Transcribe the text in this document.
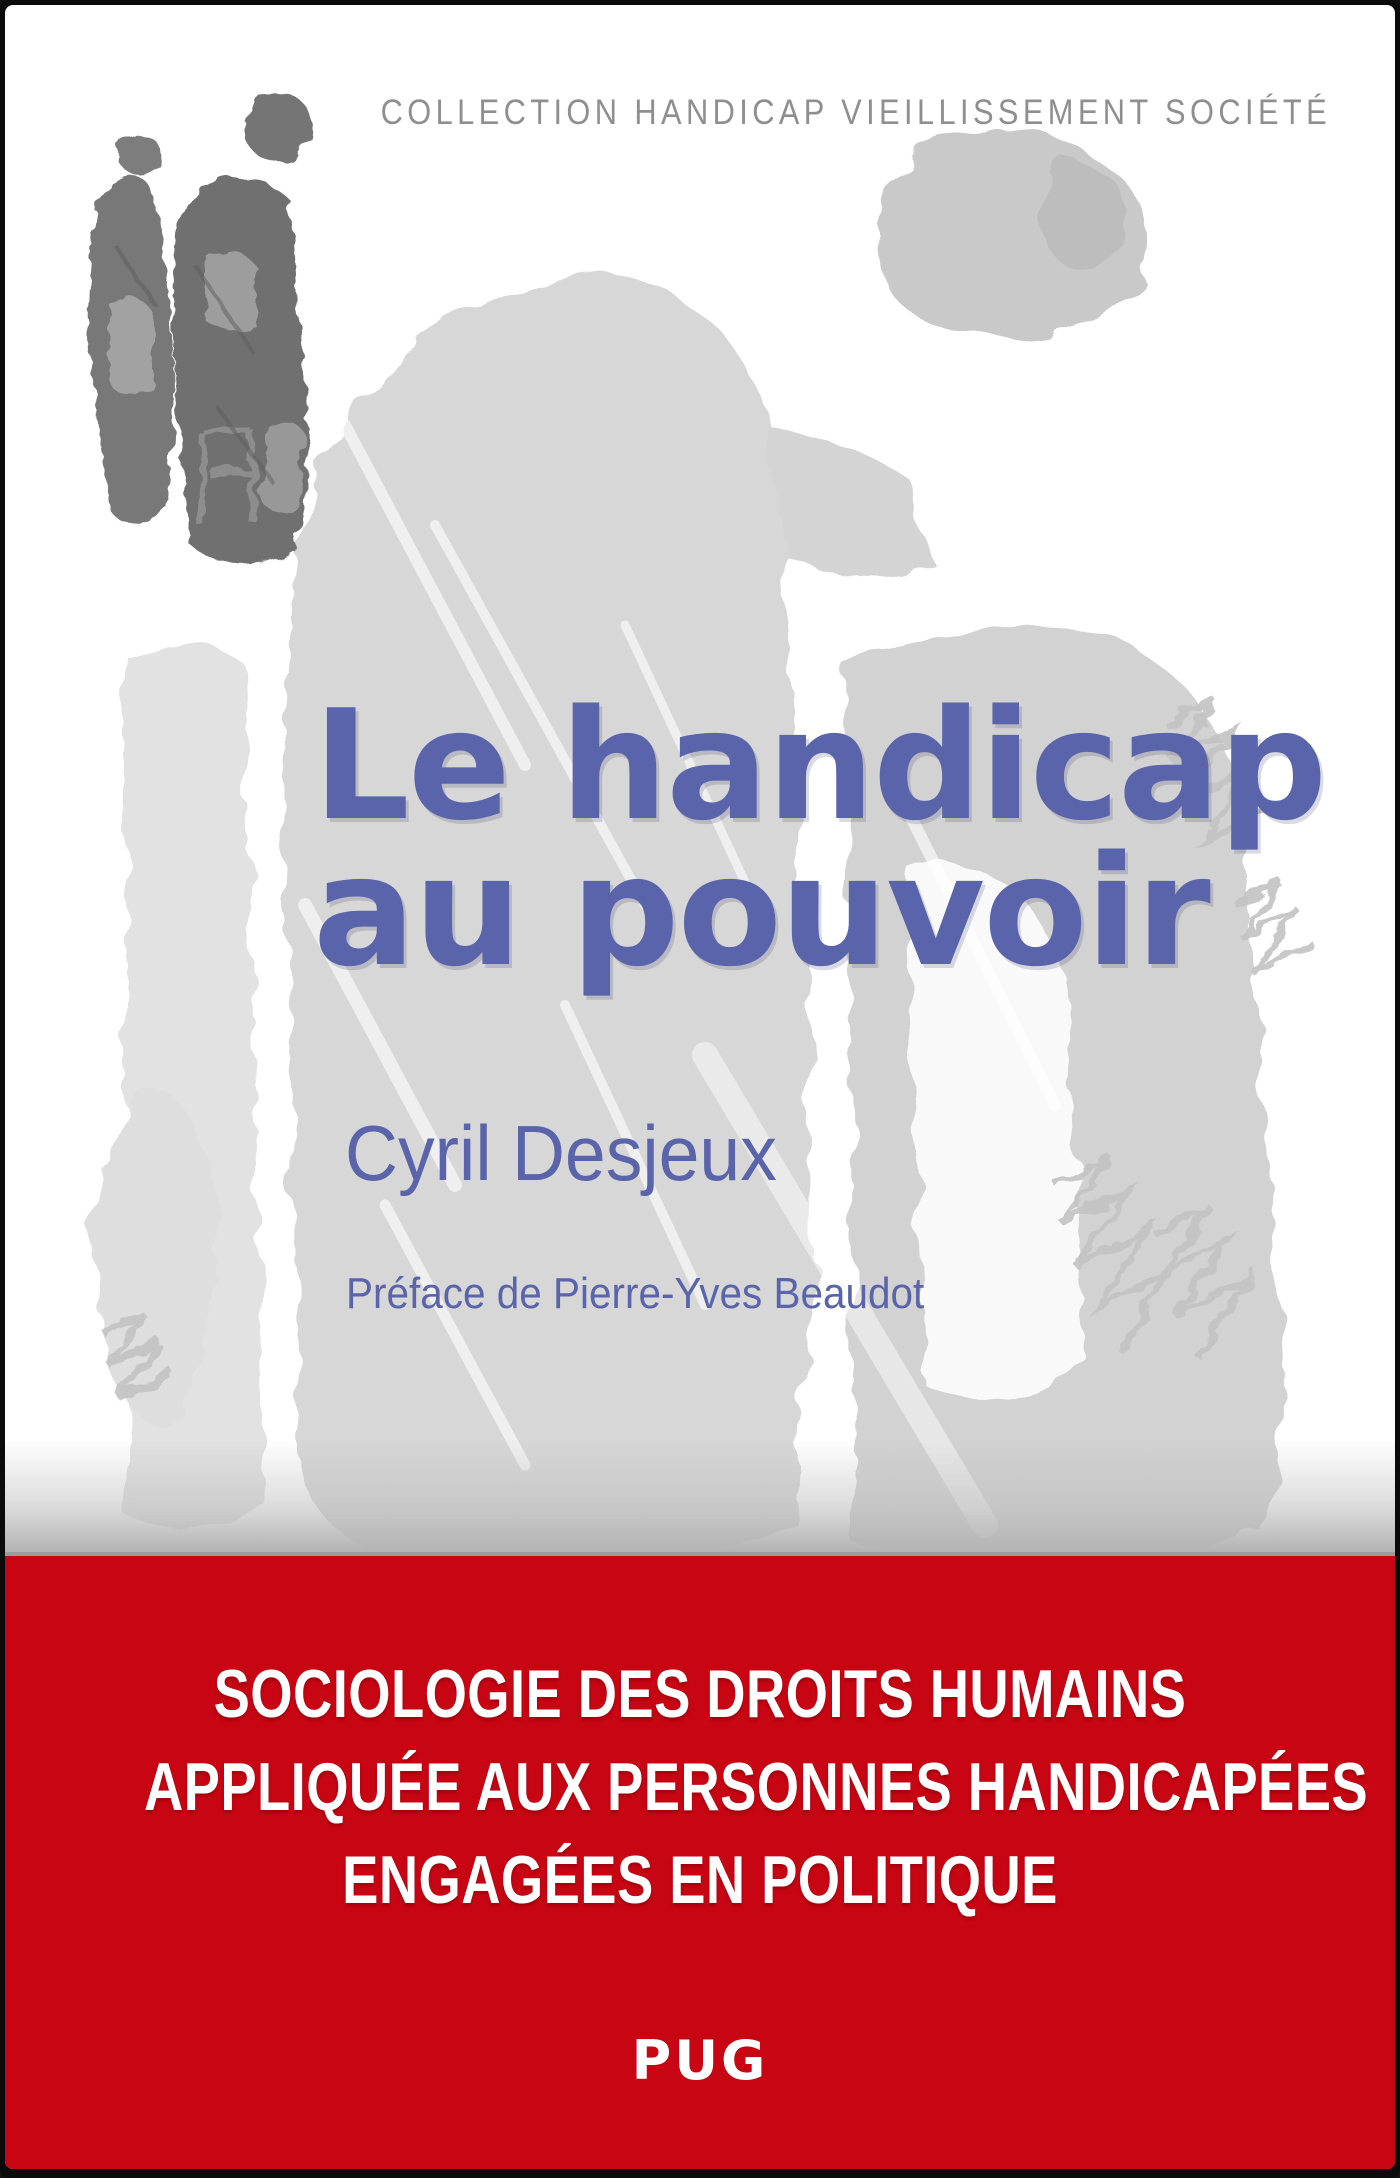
COLLECTION HANDICAP VIEILLISSEMENT SOCIÉTÉ
Le handicap
au pouvoir
Cyril Desjeux
Préface de Pierre-Yves Beaudot
SOCIOLOGIE DES DROITS HUMAINS
APPLIQUÉE AUX PERSONNES HANDICAPÉES
ENGAGÉES EN POLITIQUE
PUG
